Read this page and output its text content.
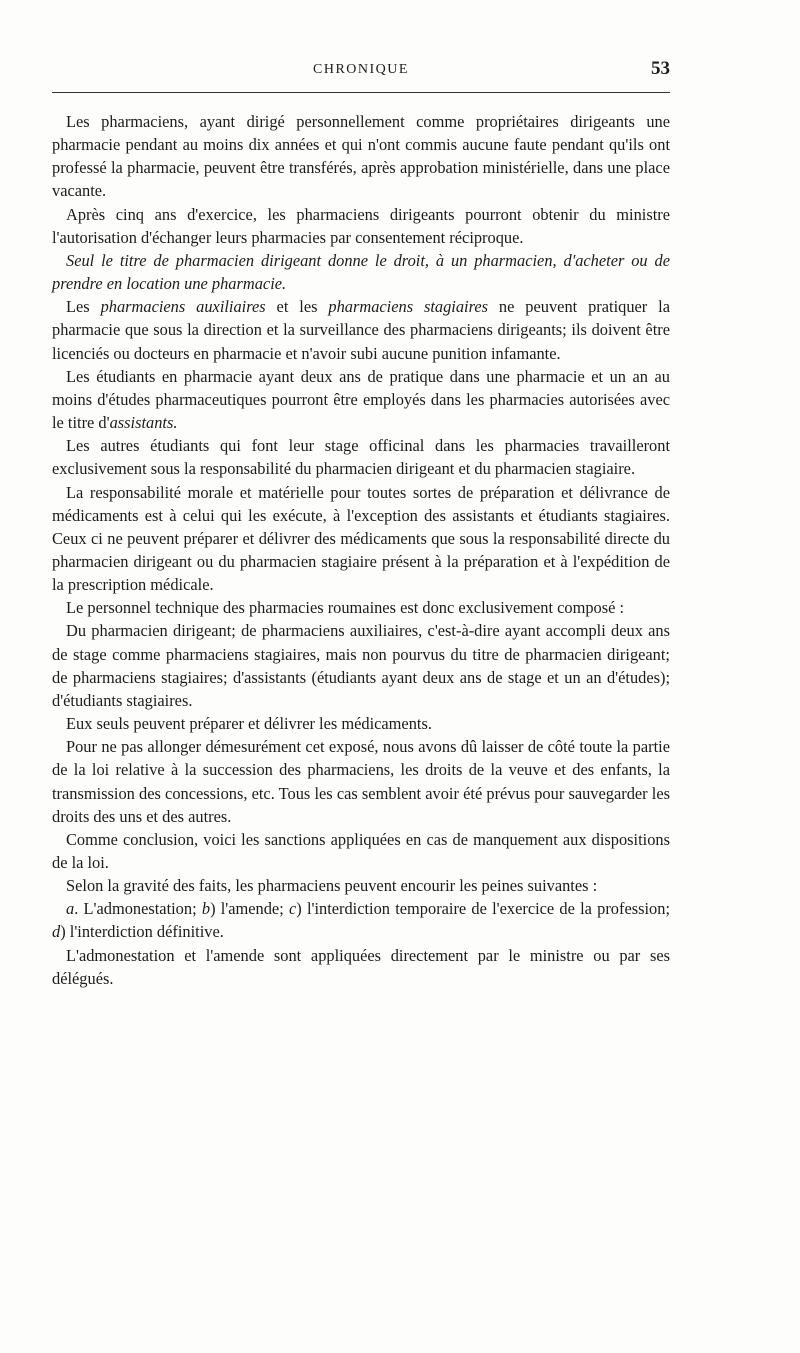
CHRONIQUE	53

Les pharmaciens, ayant dirigé personnellement comme propriétaires dirigeants une pharmacie pendant au moins dix années et qui n'ont commis aucune faute pendant qu'ils ont professé la pharmacie, peuvent être transférés, après approbation ministérielle, dans une place vacante.

Après cinq ans d'exercice, les pharmaciens dirigeants pourront obtenir du ministre l'autorisation d'échanger leurs pharmacies par consentement réciproque.

Seul le titre de pharmacien dirigeant donne le droit, à un pharmacien, d'acheter ou de prendre en location une pharmacie.

Les pharmaciens auxiliaires et les pharmaciens stagiaires ne peuvent pratiquer la pharmacie que sous la direction et la surveillance des pharmaciens dirigeants; ils doivent être licenciés ou docteurs en pharmacie et n'avoir subi aucune punition infamante.

Les étudiants en pharmacie ayant deux ans de pratique dans une pharmacie et un an au moins d'études pharmaceutiques pourront être employés dans les pharmacies autorisées avec le titre d'assistants.

Les autres étudiants qui font leur stage officinal dans les pharmacies travailleront exclusivement sous la responsabilité du pharmacien dirigeant et du pharmacien stagiaire.

La responsabilité morale et matérielle pour toutes sortes de préparation et délivrance de médicaments est à celui qui les exécute, à l'exception des assistants et étudiants stagiaires. Ceux ci ne peuvent préparer et délivrer des médicaments que sous la responsabilité directe du pharmacien dirigeant ou du pharmacien stagiaire présent à la préparation et à l'expédition de la prescription médicale.

Le personnel technique des pharmacies roumaines est donc exclusivement composé :

Du pharmacien dirigeant; de pharmaciens auxiliaires, c'est-à-dire ayant accompli deux ans de stage comme pharmaciens stagiaires, mais non pourvus du titre de pharmacien dirigeant; de pharmaciens stagiaires; d'assistants (étudiants ayant deux ans de stage et un an d'études); d'étudiants stagiaires.

Eux seuls peuvent préparer et délivrer les médicaments.

Pour ne pas allonger démesurément cet exposé, nous avons dû laisser de côté toute la partie de la loi relative à la succession des pharmaciens, les droits de la veuve et des enfants, la transmission des concessions, etc. Tous les cas semblent avoir été prévus pour sauvegarder les droits des uns et des autres.

Comme conclusion, voici les sanctions appliquées en cas de manquement aux dispositions de la loi.

Selon la gravité des faits, les pharmaciens peuvent encourir les peines suivantes :

a. L'admonestation; b) l'amende; c) l'interdiction temporaire de l'exercice de la profession; d) l'interdiction définitive.

L'admonestation et l'amende sont appliquées directement par le ministre ou par ses délégués.
